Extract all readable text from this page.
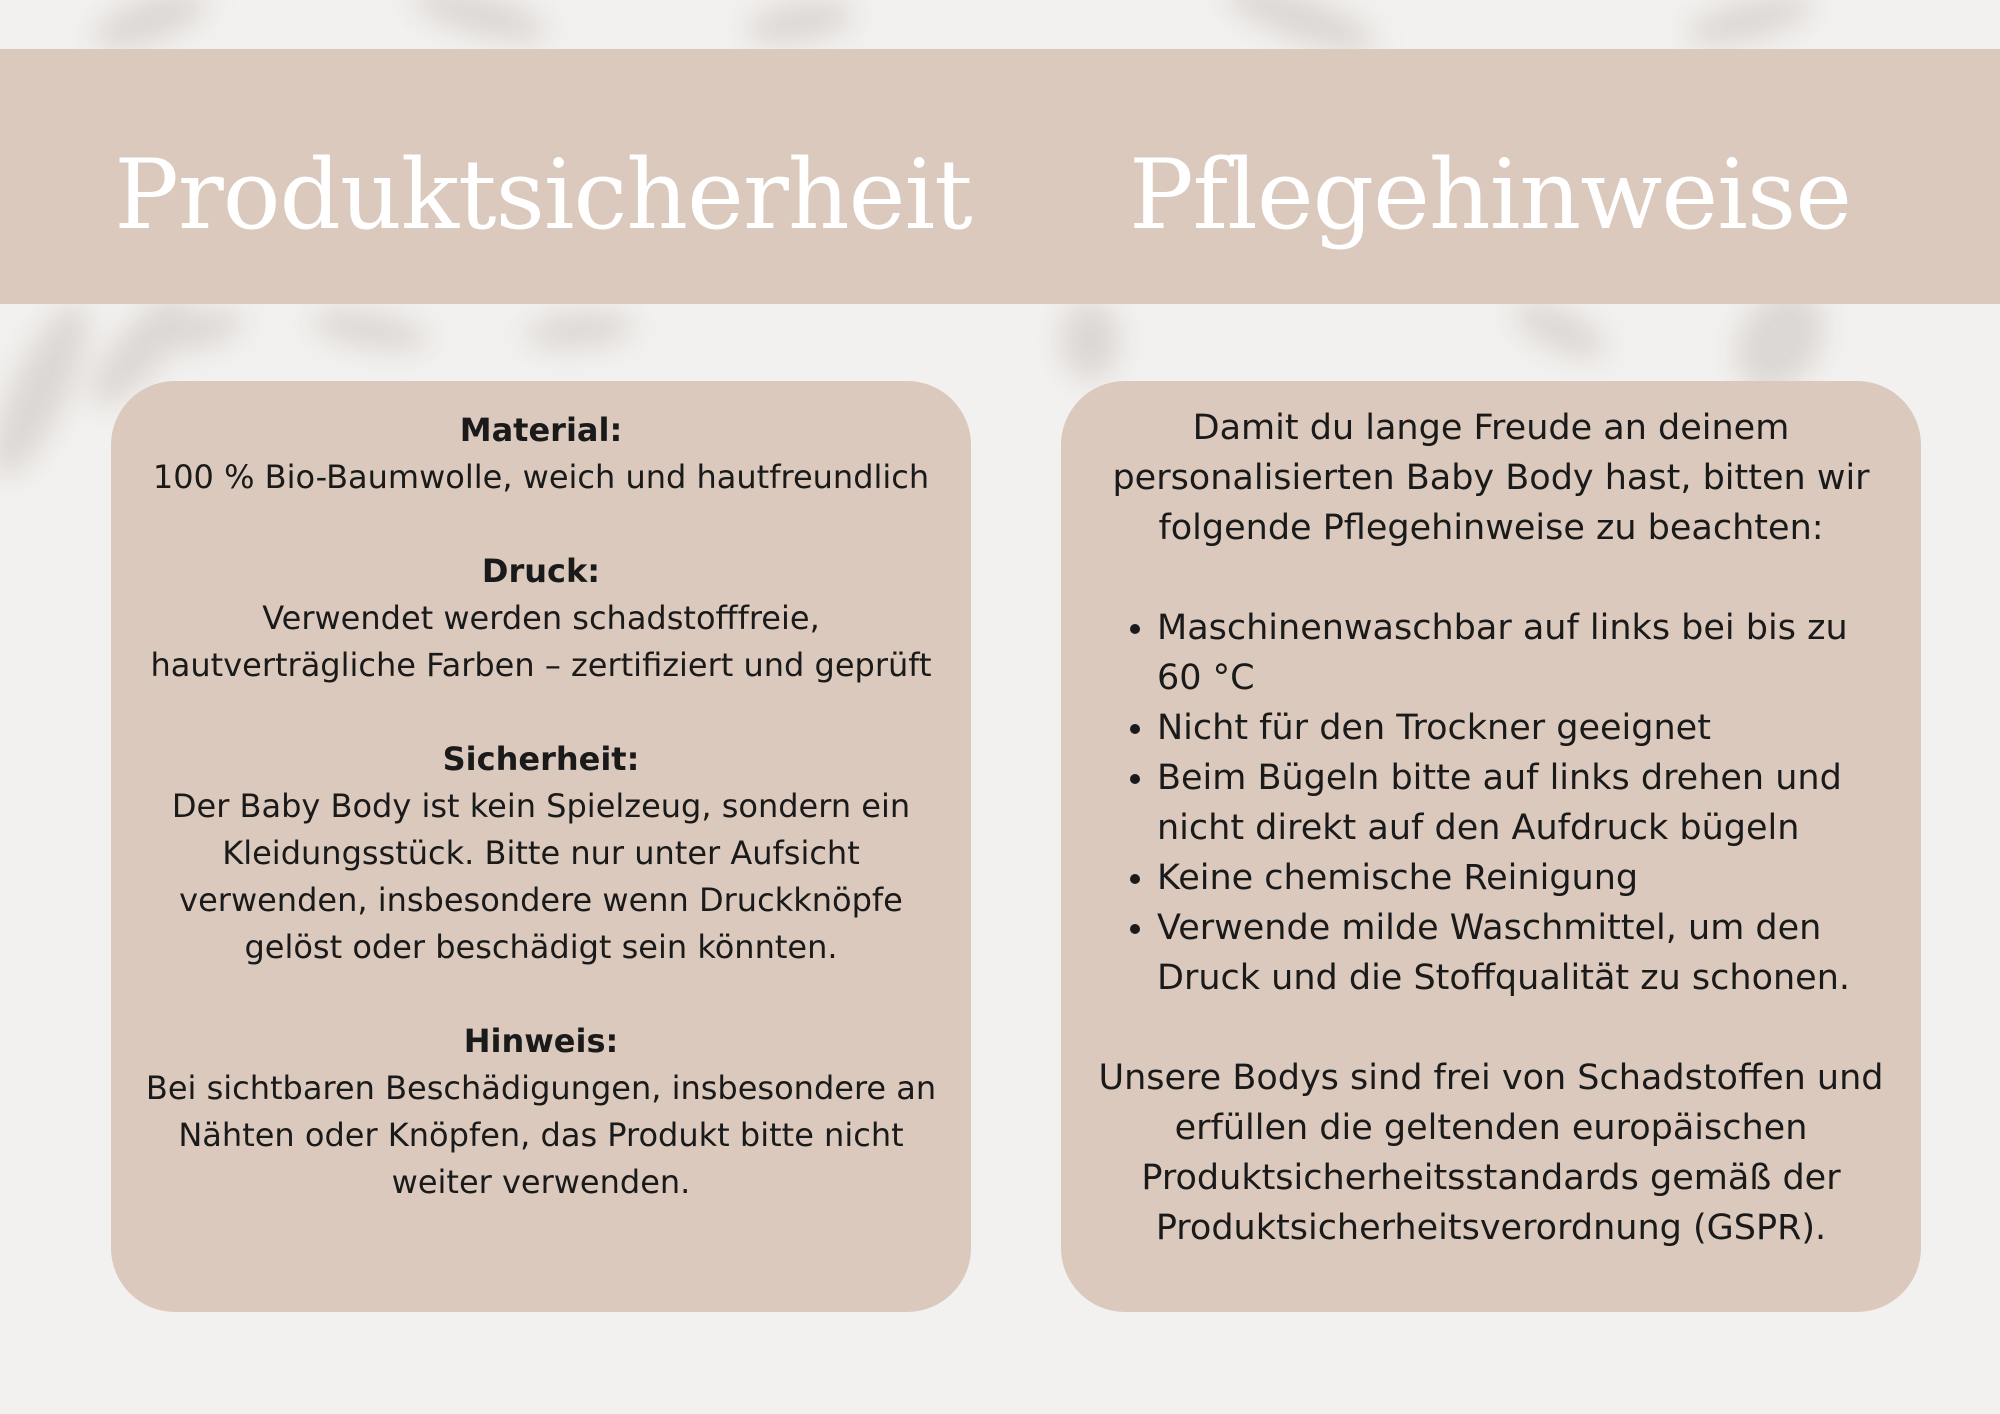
Produktsicherheit	Pflegehinweise
Material:
100 % Bio-Baumwolle, weich und hautfreundlich
Druck:
Verwendet werden schadstofffreie, hautverträgliche Farben – zertifiziert und geprüft
Sicherheit:
Der Baby Body ist kein Spielzeug, sondern ein Kleidungsstück. Bitte nur unter Aufsicht verwenden, insbesondere wenn Druckknöpfe gelöst oder beschädigt sein könnten.
Hinweis:
Bei sichtbaren Beschädigungen, insbesondere an Nähten oder Knöpfen, das Produkt bitte nicht weiter verwenden.

Damit du lange Freude an deinem personalisierten Baby Body hast, bitten wir folgende Pflegehinweise zu beachten:

• Maschinenwaschbar auf links bei bis zu 60 °C
• Nicht für den Trockner geeignet
• Beim Bügeln bitte auf links drehen und nicht direkt auf den Aufdruck bügeln
• Keine chemische Reinigung
• Verwende milde Waschmittel, um den Druck und die Stoffqualität zu schonen.

Unsere Bodys sind frei von Schadstoffen und erfüllen die geltenden europäischen Produktsicherheitsstandards gemäß der Produktsicherheitsverordnung (GSPR).
